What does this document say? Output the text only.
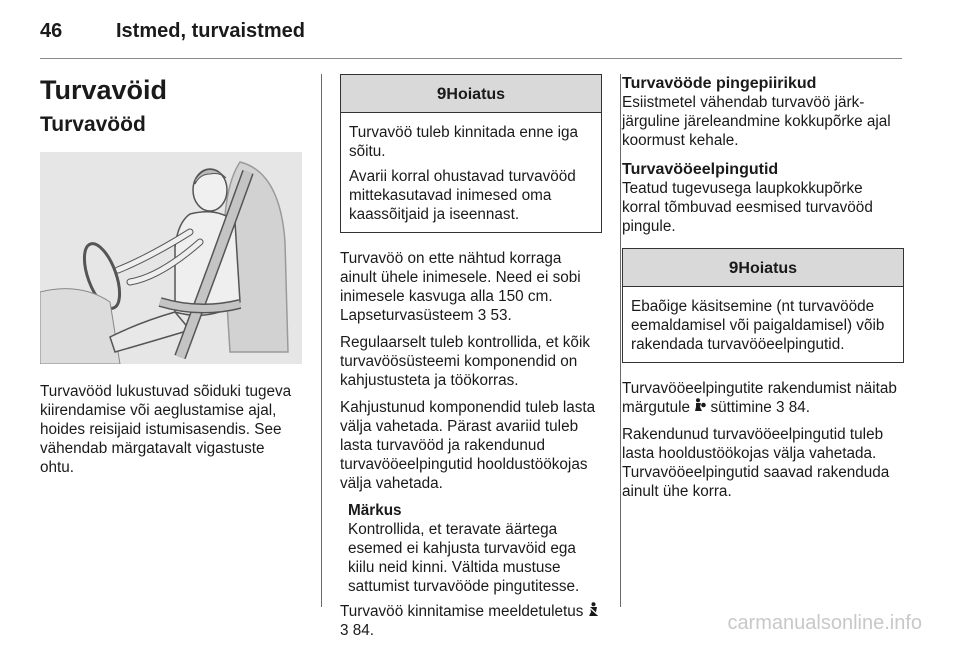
46	Istmed, turvaistmed
Turvavöid
Turvavööd

Turvavööd lukustuvad sõiduki tugeva kiirendamise või aeglustamise ajal, hoides reisijaid istumisasendis. See vähendab märgatavalt vigastuste ohtu.

9Hoiatus

Turvavöö tuleb kinnitada enne iga sõitu.

Avarii korral ohustavad turvavööd mittekasutavad inimesed oma kaassõitjaid ja iseennast.

Turvavöö on ette nähtud korraga ainult ühele inimesele. Need ei sobi inimesele kasvuga alla 150 cm. Lapseturvasüsteem 3 53.

Regulaarselt tuleb kontrollida, et kõik turvavöösüsteemi komponendid on kahjustusteta ja töökorras.

Kahjustunud komponendid tuleb lasta välja vahetada. Pärast avariid tuleb lasta turvavööd ja rakendunud turvavööeelpingutid hooldustöökojas välja vahetada.

Märkus

Kontrollida, et teravate äärtega esemed ei kahjusta turvavöid ega kiilu neid kinni. Vältida mustuse sattumist turvavööde pingutitesse.

Turvavöö kinnitamise meeldetuletus  3 84.

Turvavööde pingepiirikud

Esiistmetel vähendab turvavöö järk-järguline järeleandmine kokkupõrke ajal koormust kehale.

Turvavööeelpingutid

Teatud tugevusega laupkokkupõrke korral tõmbuvad eesmised turvavööd pingule.

9Hoiatus

Ebaõige käsitsemine (nt turvavööde eemaldamisel või paigaldamisel) võib rakendada turvavööeelpingutid.

Turvavööeelpingutite rakendumist näitab märgutule süttimine 3 84.

Rakendunud turvavööeelpingutid tuleb lasta hooldustöökojas välja vahetada. Turvavööeelpingutid saavad rakenduda ainult ühe korra.

carmanualsonline.info
